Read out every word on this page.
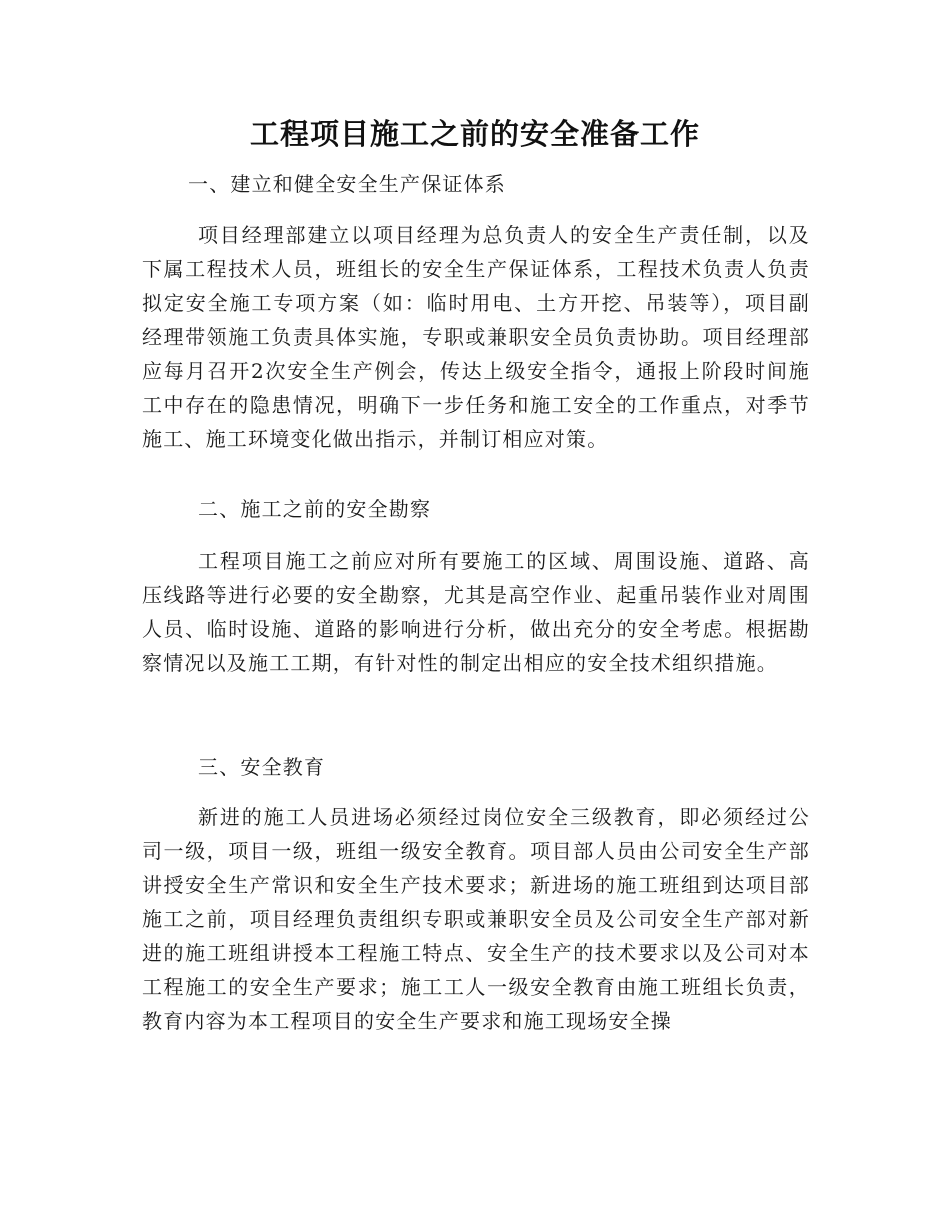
工程项目施工之前的安全准备工作

一、建立和健全安全生产保证体系

项目经理部建立以项目经理为总负责人的安全生产责任制，以及下属工程技术人员，班组长的安全生产保证体系，工程技术负责人负责拟定安全施工专项方案（如：临时用电、土方开挖、吊装等），项目副经理带领施工负责具体实施，专职或兼职安全员负责协助。项目经理部应每月召开2次安全生产例会，传达上级安全指令，通报上阶段时间施工中存在的隐患情况，明确下一步任务和施工安全的工作重点，对季节施工、施工环境变化做出指示，并制订相应对策。

二、施工之前的安全勘察

工程项目施工之前应对所有要施工的区域、周围设施、道路、高压线路等进行必要的安全勘察，尤其是高空作业、起重吊装作业对周围人员、临时设施、道路的影响进行分析，做出充分的安全考虑。根据勘察情况以及施工工期，有针对性的制定出相应的安全技术组织措施。

三、安全教育

新进的施工人员进场必须经过岗位安全三级教育，即必须经过公司一级，项目一级，班组一级安全教育。项目部人员由公司安全生产部讲授安全生产常识和安全生产技术要求；新进场的施工班组到达项目部施工之前，项目经理负责组织专职或兼职安全员及公司安全生产部对新进的施工班组讲授本工程施工特点、安全生产的技术要求以及公司对本工程施工的安全生产要求；施工工人一级安全教育由施工班组长负责，教育内容为本工程项目的安全生产要求和施工现场安全操
